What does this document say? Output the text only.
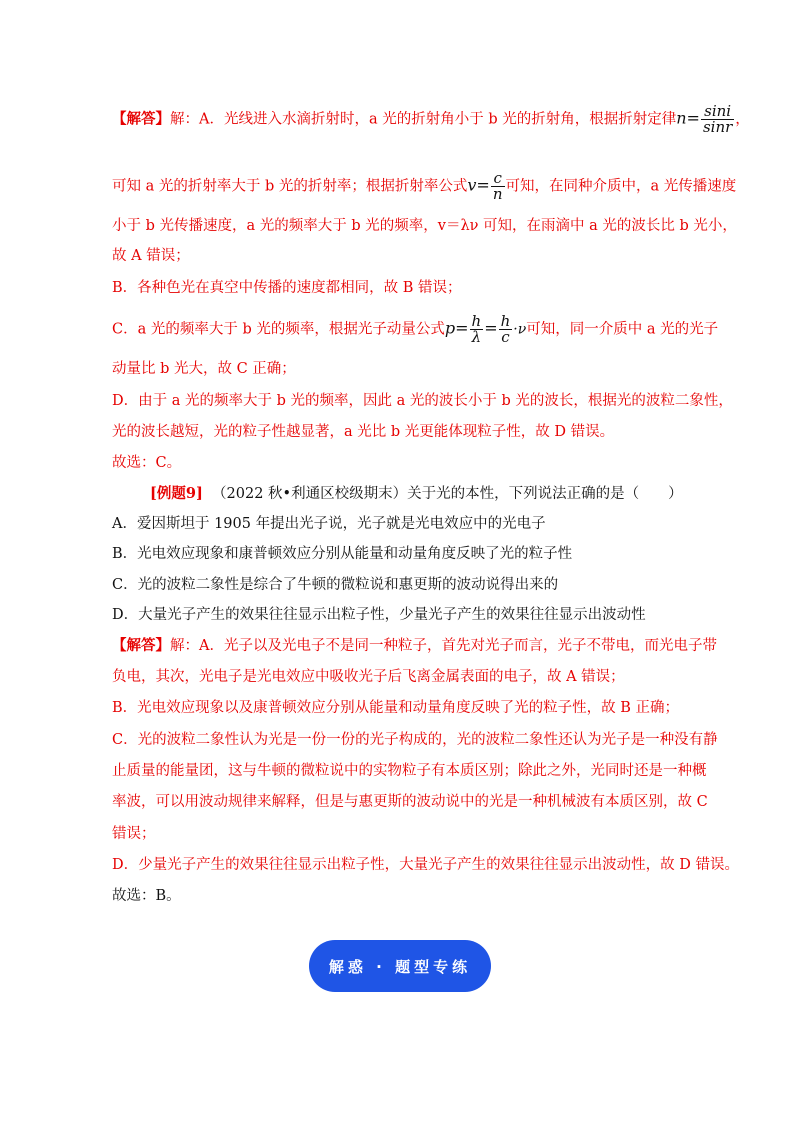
【解答】解：A．光线进入水滴折射时，a 光的折射角小于 b 光的折射角，根据折射定律$n= \frac{\sin i}{\sin r}$ ，
可知 a 光的折射率大于 b 光的折射率；根据折射率公式$v= \frac{c}{n}$ 可知，在同种介质中，a 光传播速度
小于 b 光传播速度，a 光的频率大于 b 光的频率，v＝λν 可知，在雨滴中 a 光的波长比 b 光小，
故 A 错误；
B．各种色光在真空中传播的速度都相同，故 B 错误；
C．a 光的频率大于 b 光的频率，根据光子动量公式$p= \frac{h}{\lambda} = \frac{h}{c} \cdot\nu$可知，同一介质中 a 光的光子
动量比 b 光大，故 C 正确；
D．由于 a 光的频率大于 b 光的频率，因此 a 光的波长小于 b 光的波长，根据光的波粒二象性，
光的波长越短，光的粒子性越显著，a 光比 b 光更能体现粒子性，故 D 错误。
故选：C。
[例题9] （2022 秋•利通区校级期末）关于光的本性，下列说法正确的是（　　）
A．爱因斯坦于 1905 年提出光子说，光子就是光电效应中的光电子
B．光电效应现象和康普顿效应分别从能量和动量角度反映了光的粒子性
C．光的波粒二象性是综合了牛顿的微粒说和惠更斯的波动说得出来的
D．大量光子产生的效果往往显示出粒子性，少量光子产生的效果往往显示出波动性
【解答】解：A．光子以及光电子不是同一种粒子，首先对光子而言，光子不带电，而光电子带
负电，其次，光电子是光电效应中吸收光子后飞离金属表面的电子，故 A 错误；
B．光电效应现象以及康普顿效应分别从能量和动量角度反映了光的粒子性，故 B 正确；
C．光的波粒二象性认为光是一份一份的光子构成的，光的波粒二象性还认为光子是一种没有静
止质量的能量团，这与牛顿的微粒说中的实物粒子有本质区别；除此之外，光同时还是一种概
率波，可以用波动规律来解释，但是与惠更斯的波动说中的光是一种机械波有本质区别，故 C
错误；
D．少量光子产生的效果往往显示出粒子性，大量光子产生的效果往往显示出波动性，故 D 错误。
故选：B。
解惑 · 题型专练
